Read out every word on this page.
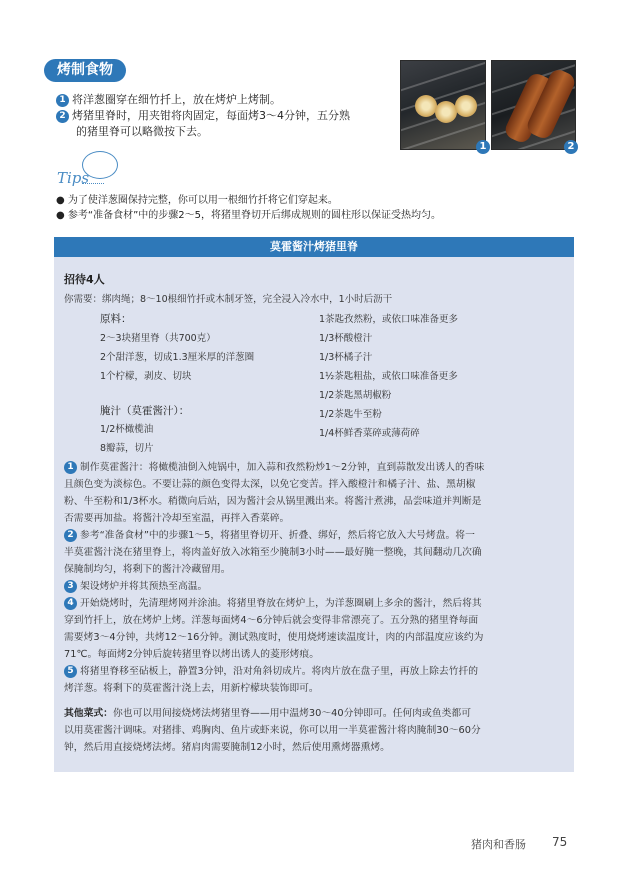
烤制食物
1 将洋葱圈穿在细竹扦上，放在烤炉上烤制。
2 烤猪里脊时，用夹钳将肉固定，每面烤3～4分钟，五分熟
的猪里脊可以略微按下去。
1	2
Tips
● 为了使洋葱圈保持完整，你可以用一根细竹扦将它们穿起来。
● 参考“准备食材”中的步骤2～5，将猪里脊切开后绑成规则的圆柱形以保证受热均匀。
莫霍酱汁烤猪里脊
招待4人
你需要：绑肉绳；8～10根细竹扦或木制牙签，完全浸入冷水中，1小时后沥干
原料：
2～3块猪里脊（共700克）
2个甜洋葱，切成1.3厘米厚的洋葱圈
1个柠檬，剥皮、切块
腌汁（莫霍酱汁）：
1/2杯橄榄油
8瓣蒜，切片
1茶匙孜然粉，或依口味准备更多
1/3杯酸橙汁
1/3杯橘子汁
1½茶匙粗盐，或依口味准备更多
1/2茶匙黑胡椒粉
1/2茶匙牛至粉
1/4杯鲜香菜碎或薄荷碎
1 制作莫霍酱汁：将橄榄油倒入炖锅中，加入蒜和孜然粉炒1～2分钟，直到蒜散发出诱人的香味
且颜色变为淡棕色。不要让蒜的颜色变得太深，以免它变苦。拌入酸橙汁和橘子汁、盐、黑胡椒
粉、牛至粉和1/3杯水。稍微向后站，因为酱汁会从锅里溅出来。将酱汁煮沸，品尝味道并判断是
否需要再加盐。将酱汁冷却至室温，再拌入香菜碎。
2 参考“准备食材”中的步骤1～5，将猪里脊切开、折叠、绑好，然后将它放入大号烤盘。将一
半莫霍酱汁浇在猪里脊上，将肉盖好放入冰箱至少腌制3小时——最好腌一整晚，其间翻动几次确
保腌制均匀，将剩下的酱汁冷藏留用。
3 架设烤炉并将其预热至高温。
4 开始烧烤时，先清理烤网并涂油。将猪里脊放在烤炉上，为洋葱圈刷上多余的酱汁，然后将其
穿到竹扦上，放在烤炉上烤。洋葱每面烤4～6分钟后就会变得非常漂亮了。五分熟的猪里脊每面
需要烤3～4分钟，共烤12～16分钟。测试熟度时，使用烧烤速读温度计，肉的内部温度应该约为
71℃。每面烤2分钟后旋转猪里脊以烤出诱人的菱形烤痕。
5 将猪里脊移至砧板上，静置3分钟，沿对角斜切成片。将肉片放在盘子里，再放上除去竹扦的
烤洋葱。将剩下的莫霍酱汁浇上去，用新柠檬块装饰即可。
其他菜式：你也可以用间接烧烤法烤猪里脊——用中温烤30～40分钟即可。任何肉或鱼类都可
以用莫霍酱汁调味。对猪排、鸡胸肉、鱼片或虾来说，你可以用一半莫霍酱汁将肉腌制30～60分
钟，然后用直接烧烤法烤。猪肩肉需要腌制12小时，然后使用熏烤器熏烤。
猪肉和香肠 75
